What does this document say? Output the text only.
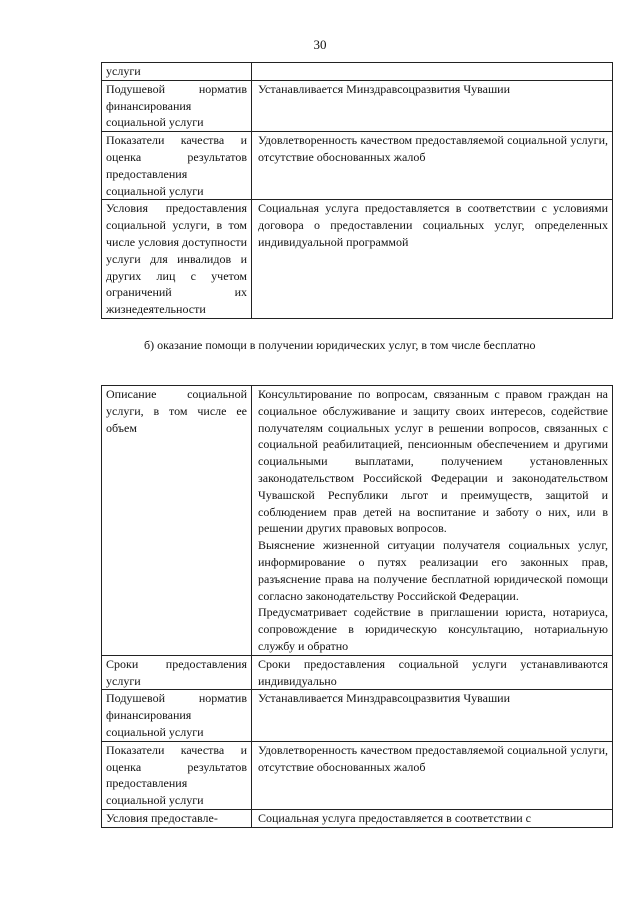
30
услуги	
Подушевой норматив финансирования социальной услуги	Устанавливается Минздравсоцразвития Чувашии
Показатели качества и оценка результатов предоставления социальной услуги	Удовлетворенность качеством предоставляемой социальной услуги, отсутствие обоснованных жалоб
Условия предоставления социальной услуги, в том числе условия доступности услуги для инвалидов и других лиц с учетом ограничений их жизнедеятельности	Социальная услуга предоставляется в соответствии с условиями договора о предоставлении социальных услуг, определенных индивидуальной программой

б) оказание помощи в получении юридических услуг, в том числе бесплатно

Описание социальной услуги, в том числе ее объем	Консультирование по вопросам, связанным с правом граждан на социальное обслуживание и защиту своих интересов, содействие получателям социальных услуг в решении вопросов, связанных с социальной реабилитацией, пенсионным обеспечением и другими социальными выплатами, получением установленных законодательством Российской Федерации и законодательством Чувашской Республики льгот и преимуществ, защитой и соблюдением прав детей на воспитание и заботу о них, или в решении других правовых вопросов.

Выяснение жизненной ситуации получателя социальных услуг, информирование о путях реализации его законных прав, разъяснение права на получение бесплатной юридической помощи согласно законодательству Российской Федерации.

Предусматривает содействие в приглашении юриста, нотариуса, сопровождение в юридическую консультацию, нотариальную службу и обратно

Сроки предоставления услуги	Сроки предоставления социальной услуги устанавливаются индивидуально
Подушевой норматив финансирования социальной услуги	Устанавливается Минздравсоцразвития Чувашии
Показатели качества и оценка результатов предоставления социальной услуги	Удовлетворенность качеством предоставляемой социальной услуги, отсутствие обоснованных жалоб
Условия предоставле-	Социальная услуга предоставляется в соответствии с
